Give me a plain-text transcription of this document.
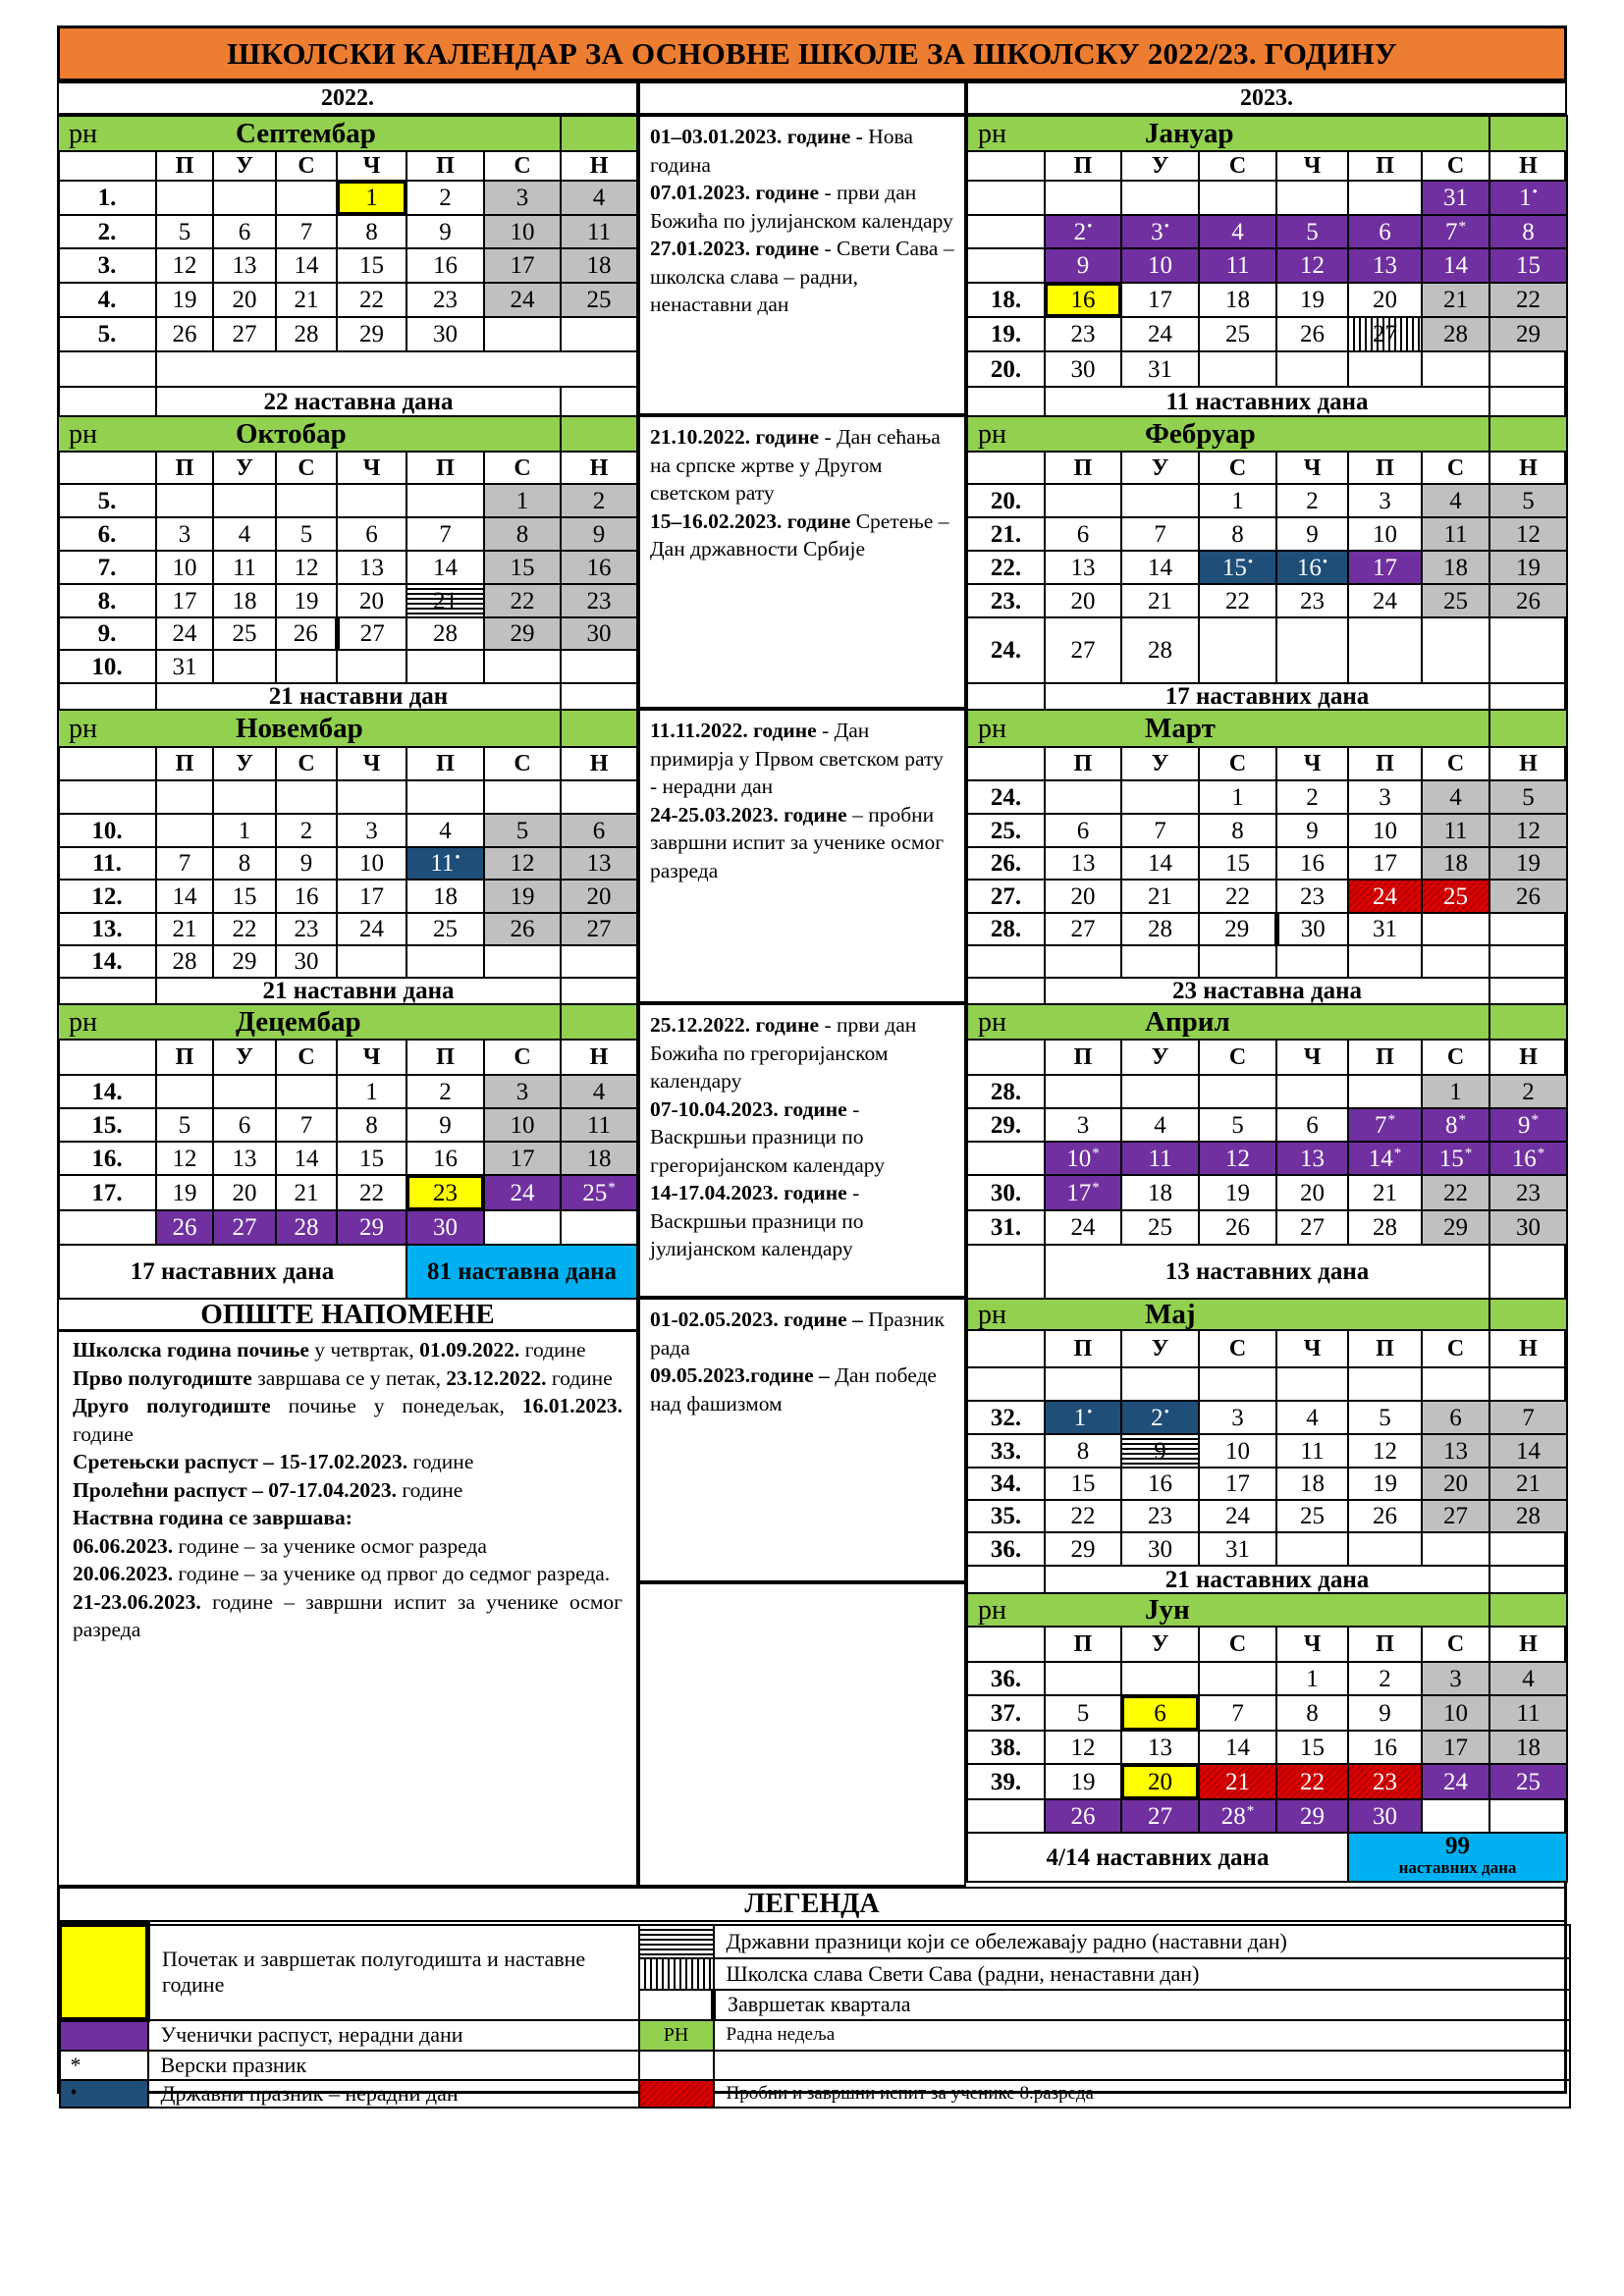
ШКОЛСКИ КАЛЕНДАР ЗА ОСНОВНЕ ШКОЛЕ ЗА ШКОЛСКУ 2022/23. ГОДИНУ
2022.	2023.
рн Септембар							
	П	У	С	Ч	П	С	Н
1.				1	2	3	4
2.	5	6	7	8	9	10	11
3.	12	13	14	15	16	17	18
4.	19	20	21	22	23	24	25
5.	26	27	28	29	30		

	22 наставна дана						
рн Октобар							
	П	У	С	Ч	П	С	Н
5.						1	2
6.	3	4	5	6	7	8	9
7.	10	11	12	13	14	15	16
8.	17	18	19	20	21	22	23
9.	24	25	26	27	28	29	30
10.	31						
	21 наставни дан						
рн Новембар							
	П	У	С	Ч	П	С	Н

10.		1	2	3	4	5	6
11.	7	8	9	10	11•	12	13
12.	14	15	16	17	18	19	20
13.	21	22	23	24	25	26	27
14.	28	29	30				
	21 наставни дана						
рн Децембар							
	П	У	С	Ч	П	С	Н
14.				1	2	3	4
15.	5	6	7	8	9	10	11
16.	12	13	14	15	16	17	18
17.	19	20	21	22	23	24	25*
	26	27	28	29	30		
17 наставних дана					81 наставна дана		
рн Јануар							
	П	У	С	Ч	П	С	Н
						31	1•
	2•	3•	4	5	6	7*	8
	9	10	11	12	13	14	15
18.	16	17	18	19	20	21	22
19.	23	24	25	26	27	28	29
20.	30	31					
	11 наставних дана						
рн Фебруар							
	П	У	С	Ч	П	С	Н
20.			1	2	3	4	5
21.	6	7	8	9	10	11	12
22.	13	14	15•	16•	17	18	19
23.	20	21	22	23	24	25	26
24.	27	28					
	17 наставних дана						
рн Март							
	П	У	С	Ч	П	С	Н
24.			1	2	3	4	5
25.	6	7	8	9	10	11	12
26.	13	14	15	16	17	18	19
27.	20	21	22	23	24	25	26
28.	27	28	29	30	31		

	23 наставна дана						
рн Април							
	П	У	С	Ч	П	С	Н
28.						1	2
29.	3	4	5	6	7*	8*	9*
	10*	11	12	13	14*	15*	16*
30.	17*	18	19	20	21	22	23
31.	24	25	26	27	28	29	30
	13 наставних дана						
рн Мај							
	П	У	С	Ч	П	С	Н

32.	1•	2•	3	4	5	6	7
33.	8	9	10	11	12	13	14
34.	15	16	17	18	19	20	21
35.	22	23	24	25	26	27	28
36.	29	30	31				
	21 наставних дана						
рн Јун							
	П	У	С	Ч	П	С	Н
36.				1	2	3	4
37.	5	6	7	8	9	10	11
38.	12	13	14	15	16	17	18
39.	19	20	21	22	23	24	25
	26	27	28*	29	30		
4/14 наставних дана					99
наставних дана		
01–03.01.2023. године - Нова година
07.01.2023. године - први дан Божића по јулијанском календару
27.01.2023. године - Свети Сава – школска слава – радни, ненаставни дан
21.10.2022. године - Дан сећања на српске жртве у Другом светском рату
15–16.02.2023. године Сретење – Дан државности Србије
11.11.2022. године - Дан примирја у Првом светском рату - нерадни дан
24-25.03.2023. године – пробни завршни испит за ученике осмог разреда
25.12.2022. године - први дан Божића по грегоријанском календару
07-10.04.2023. године - Васкршњи празници по грегоријанском календару
14-17.04.2023. године - Васкршњи празници по јулијанском календару
01-02.05.2023. године – Празник рада
09.05.2023.године – Дан победе над фашизмом
ОПШТЕ НАПОМЕНЕ

Школска година почиње у четвртак, 01.09.2022. године

Прво полугодиште завршава се у петак, 23.12.2022. године

Друго полугодиште почиње у понедељак, 16.01.2023. године

Сретењски распуст – 15-17.02.2023. године

Пролећни распуст – 07-17.04.2023. године

Наствна година се завршава:

06.06.2023. године – за ученике осмог разреда

20.06.2023. године – за ученике од првог до седмог разреда.

21-23.06.2023. године – завршни испит за ученике осмог разреда

ЛЕГЕНДА
	Почетак и завршетак полугодишта и наставне године		Државни празници који се обележавају радно (наставни дан)
			Школска слава Свети Сава (радни, ненаставни дан)
			Завршетак квартала
	Ученички распуст, нерадни дани	РН	Радна недеља
*	Верски празник		
•	Државни празник – нерадни дан		Пробни и завршни испит за ученике 8.разреда
